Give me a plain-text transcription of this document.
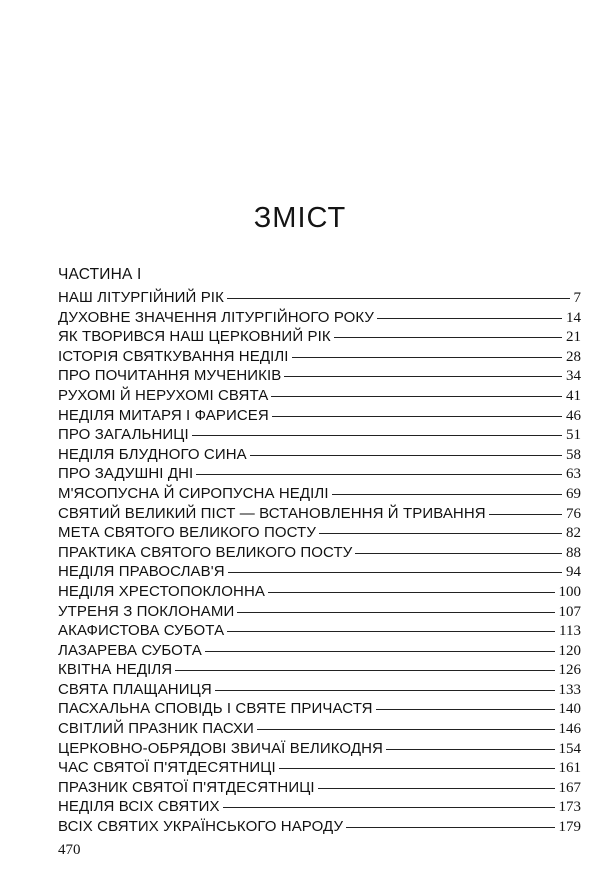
ЗМІСТ
ЧАСТИНА І
НАШ ЛІТУРГІЙНИЙ РІК	7
ДУХОВНЕ ЗНАЧЕННЯ ЛІТУРГІЙНОГО РОКУ	14
ЯК ТВОРИВСЯ НАШ ЦЕРКОВНИЙ РІК	21
ІСТОРІЯ СВЯТКУВАННЯ НЕДІЛІ	28
ПРО ПОЧИТАННЯ МУЧЕНИКІВ	34
РУХОМІ Й НЕРУХОМІ СВЯТА	41
НЕДІЛЯ МИТАРЯ І ФАРИСЕЯ	46
ПРО ЗАГАЛЬНИЦІ	51
НЕДІЛЯ БЛУДНОГО СИНА	58
ПРО ЗАДУШНІ ДНІ	63
М'ЯСОПУСНА Й СИРОПУСНА НЕДІЛІ	69
СВЯТИЙ ВЕЛИКИЙ ПІСТ — ВСТАНОВЛЕННЯ Й ТРИВАННЯ	76
МЕТА СВЯТОГО ВЕЛИКОГО ПОСТУ	82
ПРАКТИКА СВЯТОГО ВЕЛИКОГО ПОСТУ	88
НЕДІЛЯ ПРАВОСЛАВ'Я	94
НЕДІЛЯ ХРЕСТОПОКЛОННА	100
УТРЕНЯ З ПОКЛОНАМИ	107
АКАФИСТОВА СУБОТА	113
ЛАЗАРЕВА СУБОТА	120
КВІТНА НЕДІЛЯ	126
СВЯТА ПЛАЩАНИЦЯ	133
ПАСХАЛЬНА СПОВІДЬ І СВЯТЕ ПРИЧАСТЯ	140
СВІТЛИЙ ПРАЗНИК ПАСХИ	146
ЦЕРКОВНО-ОБРЯДОВІ ЗВИЧАЇ ВЕЛИКОДНЯ	154
ЧАС СВЯТОЇ П'ЯТДЕСЯТНИЦІ	161
ПРАЗНИК СВЯТОЇ П'ЯТДЕСЯТНИЦІ	167
НЕДІЛЯ ВСІХ СВЯТИХ	173
ВСІХ СВЯТИХ УКРАЇНСЬКОГО НАРОДУ	179
470
